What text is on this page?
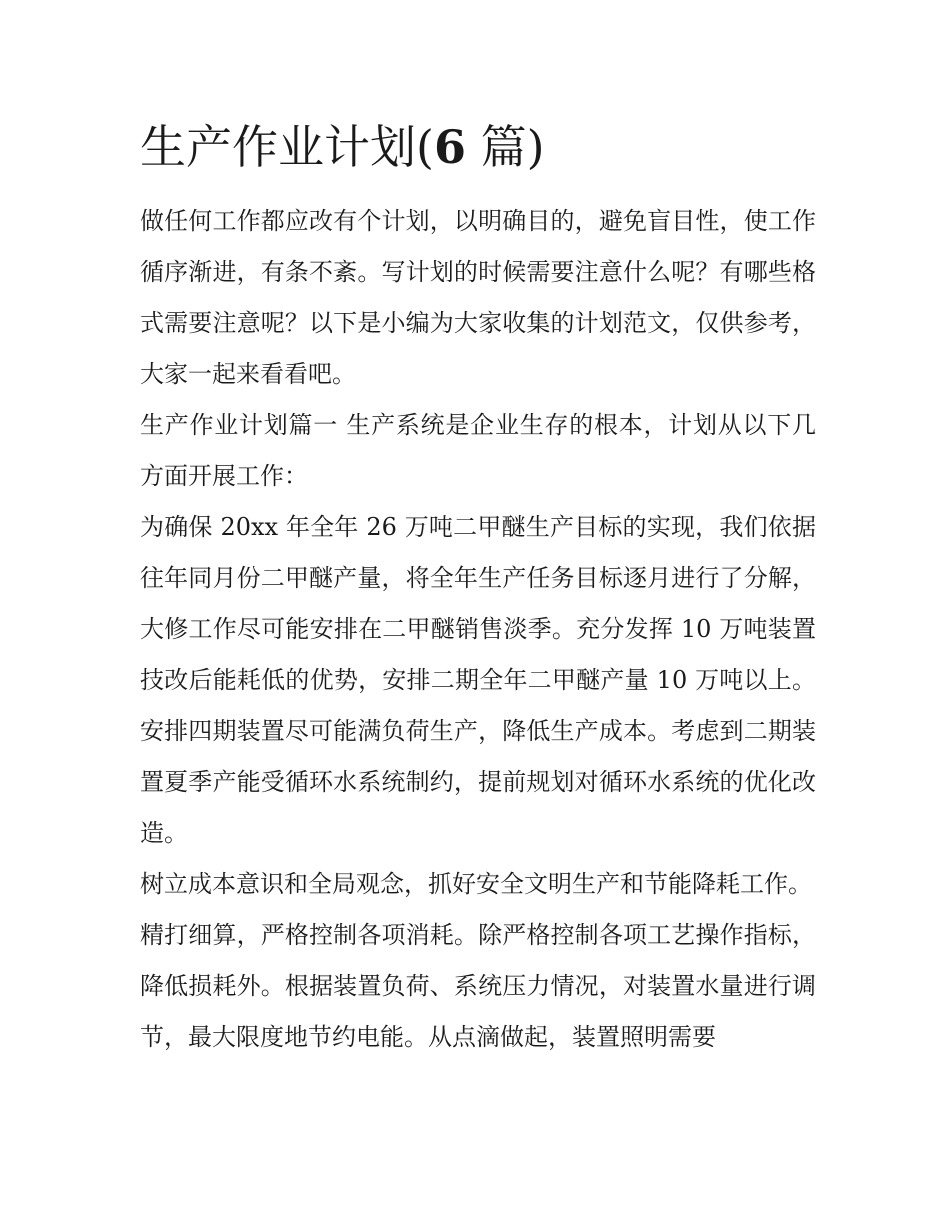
生产作业计划(6 篇)

做任何工作都应改有个计划，以明确目的，避免盲目性，使工作循序渐进，有条不紊。写计划的时候需要注意什么呢？有哪些格式需要注意呢？以下是小编为大家收集的计划范文，仅供参考，大家一起来看看吧。

生产作业计划篇一 生产系统是企业生存的根本，计划从以下几方面开展工作：

为确保 20xx 年全年 26 万吨二甲醚生产目标的实现，我们依据往年同月份二甲醚产量，将全年生产任务目标逐月进行了分解，大修工作尽可能安排在二甲醚销售淡季。充分发挥 10 万吨装置技改后能耗低的优势，安排二期全年二甲醚产量 10 万吨以上。安排四期装置尽可能满负荷生产，降低生产成本。考虑到二期装置夏季产能受循环水系统制约，提前规划对循环水系统的优化改造。

树立成本意识和全局观念，抓好安全文明生产和节能降耗工作。

精打细算，严格控制各项消耗。除严格控制各项工艺操作指标，降低损耗外。根据装置负荷、系统压力情况，对装置水量进行调节，最大限度地节约电能。从点滴做起，装置照明需要
